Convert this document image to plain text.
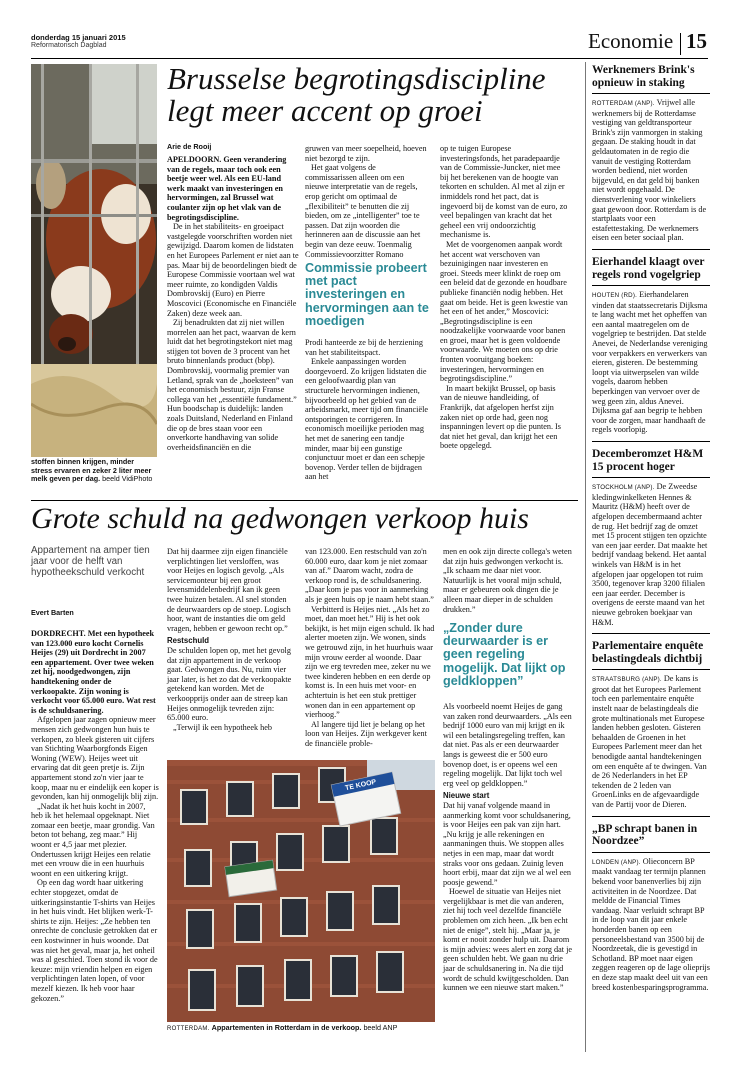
donderdag 15 januari 2015
Reformatorisch Dagblad	Economie 15
stoffen binnen krijgen, minder stress ervaren en zeker 2 liter meer melk geven per dag. beeld VidiPhoto
Brusselse begrotingsdiscipline
legt meer accent op groei
Arie de Rooij

APELDOORN. Geen verandering van de regels, maar toch ook een beetje weer wel. Als een EU-land werk maakt van investeringen en hervormingen, zal Brussel wat coulanter zijn op het vlak van de begrotingsdiscipline.

De in het stabiliteits- en groeipact vastgelegde voorschriften worden niet gewijzigd. Daarom komen de lidstaten en het Europees Parlement er niet aan te pas. Maar bij de beoordelingen biedt de Europese Commissie voortaan wel wat meer ruimte, zo kondigden Valdis Dombrovskij (Euro) en Pierre Moscovici (Economische en Financiële Zaken) deze week aan.

Zij benadrukten dat zij niet willen morrelen aan het pact, waarvan de kern luidt dat het begrotingstekort niet mag stijgen tot boven de 3 procent van het bruto binnenlands product (bbp). Dombrovskij, voormalig premier van Letland, sprak van de „hoeksteen” van het economisch bestuur, zijn Franse collega van het „essentiële fundament.” Hun boodschap is duidelijk: landen zoals Duitsland, Nederland en Finland die op de bres staan voor een onverkorte handhaving van solide overheidsfinanciën en die

gruwen van meer soepelheid, hoeven niet bezorgd te zijn.

Het gaat volgens de commissarissen alleen om een nieuwe interpretatie van de regels, erop gericht om optimaal de „flexibiliteit” te benutten die zij bieden, om ze „intelligenter” toe te passen. Dat zijn woorden die herinneren aan de discussie aan het begin van deze eeuw. Toenmalig Commissievoorzitter Romano

Commissie probeert met pact investeringen en hervormingen aan te moedigen

Prodi hanteerde ze bij de herziening van het stabiliteitspact.

Enkele aanpassingen worden doorgevoerd. Zo krijgen lidstaten die een geloofwaardig plan van structurele hervormingen indienen, bijvoorbeeld op het gebied van de arbeidsmarkt, meer tijd om financiële ontsporingen te corrigeren. In economisch moeilijke perioden mag het met de sanering een tandje minder, maar bij een gunstige conjunctuur moet er dan een schepje bovenop. Verder tellen de bijdragen aan het

op te tuigen Europese investeringsfonds, het paradepaardje van de Commissie-Juncker, niet mee bij het berekenen van de hoogte van tekorten en schulden. Al met al zijn er inmiddels rond het pact, dat is ingevoerd bij de komst van de euro, zo veel bepalingen van kracht dat het geheel een vrij ondoorzichtig mechanisme is.

Met de voorgenomen aanpak wordt het accent wat verschoven van bezuinigingen naar investeren en groei. Steeds meer klinkt de roep om een beleid dat de gezonde en houdbare publieke financiën nodig hebben. Het gaat om beide. Het is geen kwestie van het een of het ander,” Moscovici: „Begrotingsdiscipline is een noodzakelijke voorwaarde voor banen en groei, maar het is geen voldoende voorwaarde. We moeten ons op drie fronten vooruitgang boeken: investeringen, hervormingen en begrotingsdiscipline.”

In maart bekijkt Brussel, op basis van de nieuwe handleiding, of Frankrijk, dat afgelopen herfst zijn zaken niet op orde had, geen nog inspanningen levert op die punten. Is dat niet het geval, dan krijgt het een boete opgelegd.

Grote schuld na gedwongen verkoop huis
Appartement na amper tien jaar voor de helft van hypotheekschuld verkocht
Evert Barten

DORDRECHT. Met een hypotheek van 123.000 euro kocht Cornelis Heijes (29) uit Dordrecht in 2007 een appartement. Over twee weken zet hij, noodgedwongen, zijn handtekening onder de verkoopakte. Zijn woning is verkocht voor 65.000 euro. Wat rest is de schuldsanering.

Afgelopen jaar zagen opnieuw meer mensen zich gedwongen hun huis te verkopen, zo bleek gisteren uit cijfers van Stichting Waarborgfonds Eigen Woning (WEW). Heijes weet uit ervaring dat dit geen pretje is. Zijn appartement stond zo'n vier jaar te koop, maar nu er eindelijk een koper is gevonden, kan hij onmogelijk blij zijn.

„Nadat ik het huis kocht in 2007, heb ik het helemaal opgeknapt. Niet zomaar een beetje, maar grondig. Van beton tot behang, zeg maar.” Hij woont er 4,5 jaar met plezier. Ondertussen krijgt Heijes een relatie met een vrouw die in een huurhuis woont en een uitkering krijgt.

Op een dag wordt haar uitkering echter stopgezet, omdat de uitkeringsinstantie T-shirts van Heijes in het huis vindt. Het blijken werk-T-shirts te zijn. Heijes: „Ze hebben ten onrechte de conclusie getrokken dat er een kostwinner in huis woonde. Dat was niet het geval, maar ja, het onheil was al geschied. Toen stond ik voor de keuze: mijn vriendin helpen en eigen verplichtingen laten lopen, of voor mezelf kiezen. Ik heb voor haar gekozen.”

Dat hij daarmee zijn eigen financiële verplichtingen liet versloffen, was voor Heijes en logisch gevolg. „Als servicemonteur bij een groot levensmiddelenbedrijf kan ik geen twee huizen betalen. Al snel stonden de deurwaarders op de stoep. Logisch hoor, want de instanties die om geld vragen, hebben er gewoon recht op.”

Restschuld

De schulden lopen op, met het gevolg dat zijn appartement in de verkoop gaat. Gedwongen dus. Nu, ruim vier jaar later, is het zo dat de verkoopakte getekend kan worden. Met de verkoopprijs onder aan de streep kan Heijes onmogelijk tevreden zijn: 65.000 euro.

„Terwijl ik een hypotheek heb

van 123.000. Een restschuld van zo'n 60.000 euro, daar kom je niet zomaar van af.” Daarom wacht, zodra de verkoop rond is, de schuldsanering. „Daar kom je pas voor in aanmerking als je geen huis op je naam hebt staan.”

Verbitterd is Heijes niet. „Als het zo moet, dan moet het.” Hij is het ook bekijkt, is het mijn eigen schuld. Ik had alerter moeten zijn. We wonen, sinds we getrouwd zijn, in het huurhuis waar mijn vrouw eerder al woonde. Daar zijn we erg tevreden mee, zeker nu we twee kinderen hebben en een derde op komst is. In een huis met voor- en achtertuin is het een stuk prettiger wonen dan in een appartement op vierhoog.”

Al langere tijd liet je belang op het loon van Heijes. Zijn werkgever kent de financiële proble-

men en ook zijn directe collega's weten dat zijn huis gedwongen verkocht is. „Ik schaam me daar niet voor. Natuurlijk is het vooral mijn schuld, maar er gebeuren ook dingen die je alleen maar dieper in de schulden drukken.”

„Zonder dure deurwaarder is er geen regeling mogelijk. Dat lijkt op geldkloppen”

Als voorbeeld noemt Heijes de gang van zaken rond deurwaarders. „Als een bedrijf 1000 euro van mij krijgt en ik wil een betalingsregeling treffen, kan dat niet. Pas als er een deurwaarder langs is geweest die er 500 euro bovenop doet, is er opeens wel een regeling mogelijk. Dat lijkt toch wel erg veel op geldkloppen.”

Nieuwe start

Dat hij vanaf volgende maand in aanmerking komt voor schuldsanering, is voor Heijes een pak van zijn hart. „Nu krijg je alle rekeningen en aanmaningen thuis. We stoppen alles netjes in een map, maar dat wordt straks voor ons gedaan. Zuinig leven hoort erbij, maar dat zijn we al wel een poosje gewend.”

Hoewel de situatie van Heijes niet vergelijkbaar is met die van anderen, ziet hij toch veel dezelfde financiële problemen om zich heen. „Ik ben echt niet de enige”, stelt hij. „Maar ja, je komt er nooit zonder hulp uit. Daarom is mijn advies: wees alert en zorg dat je geen schulden hebt. We gaan nu drie jaar de schuldsanering in. Na die tijd wordt de schuld kwijtgescholden. Dan kunnen we een nieuwe start maken.”

TE KOOP
ROTTERDAM. Appartementen in Rotterdam in de verkoop. beeld ANP
Werknemers Brink's opnieuw in staking
ROTTERDAM (ANP). Vrijwel alle werknemers bij de Rotterdamse vestiging van geldtransporteur Brink's zijn vanmorgen in staking gegaan. De staking houdt in dat geldautomaten in de regio die vanuit de vestiging Rotterdam worden bediend, niet worden bijgevuld, en dat geld bij banken niet wordt opgehaald. De dienstverlening voor winkeliers gaat gewoon door. Rotterdam is de startplaats voor een estafettestaking. De werknemers eisen een beter sociaal plan.
Eierhandel klaagt over regels rond vogelgriep
HOUTEN (RD). Eierhandelaren vinden dat staatssecretaris Dijksma te lang wacht met het opheffen van een aantal maatregelen om de vogelgriep te bestrijden. Dat stelde Anevei, de Nederlandse vereniging voor verpakkers en verwerkers van eieren, gisteren. De bestemming loopt via uitwerpselen van wilde vogels, daarom hebben beperkingen van vervoer over de weg geen zin, aldus Anevei. Dijksma gaf aan begrip te hebben voor de zorgen, maar handhaaft de regels voorlopig.
Decemberomzet H&M 15 procent hoger
STOCKHOLM (ANP). De Zweedse kledingwinkelketen Hennes & Mauritz (H&M) heeft over de afgelopen decembermaand achter de rug. Het bedrijf zag de omzet met 15 procent stijgen ten opzichte van een jaar eerder. Dat maakte het bedrijf vandaag bekend. Het aantal winkels van H&M is in het afgelopen jaar opgelopen tot ruim 3500, tegenover krap 3200 filialen een jaar eerder. December is overigens de eerste maand van het nieuwe gebroken boekjaar van H&M.
Parlementaire enquête belastingdeals dichtbij
STRAATSBURG (ANP). De kans is groot dat het Europees Parlement toch een parlementaire enquête instelt naar de belastingdeals die grote multinationals met Europese landen hebben gesloten. Gisteren behaalden de Groenen in het Europees Parlement meer dan het benodigde aantal handtekeningen om een enquête af te dwingen. Van de 26 Nederlanders in het EP tekenden de 2 leden van GroenLinks en de afgevaardigde van de Partij voor de Dieren.
„BP schrapt banen in Noordzee”
LONDEN (ANP). Olieconcern BP maakt vandaag ter termijn plannen bekend voor banenverlies bij zijn activiteiten in de Noordzee. Dat meldde de Financial Times vandaag. Naar verluidt schrapt BP in de loop van dit jaar enkele honderden banen op een personeelsbestand van 3500 bij de Noordzeetak, die is gevestigd in Schotland. BP moet naar eigen zeggen reageren op de lage olieprijs en deze stap maakt deel uit van een breed kostenbesparingsprogramma.
